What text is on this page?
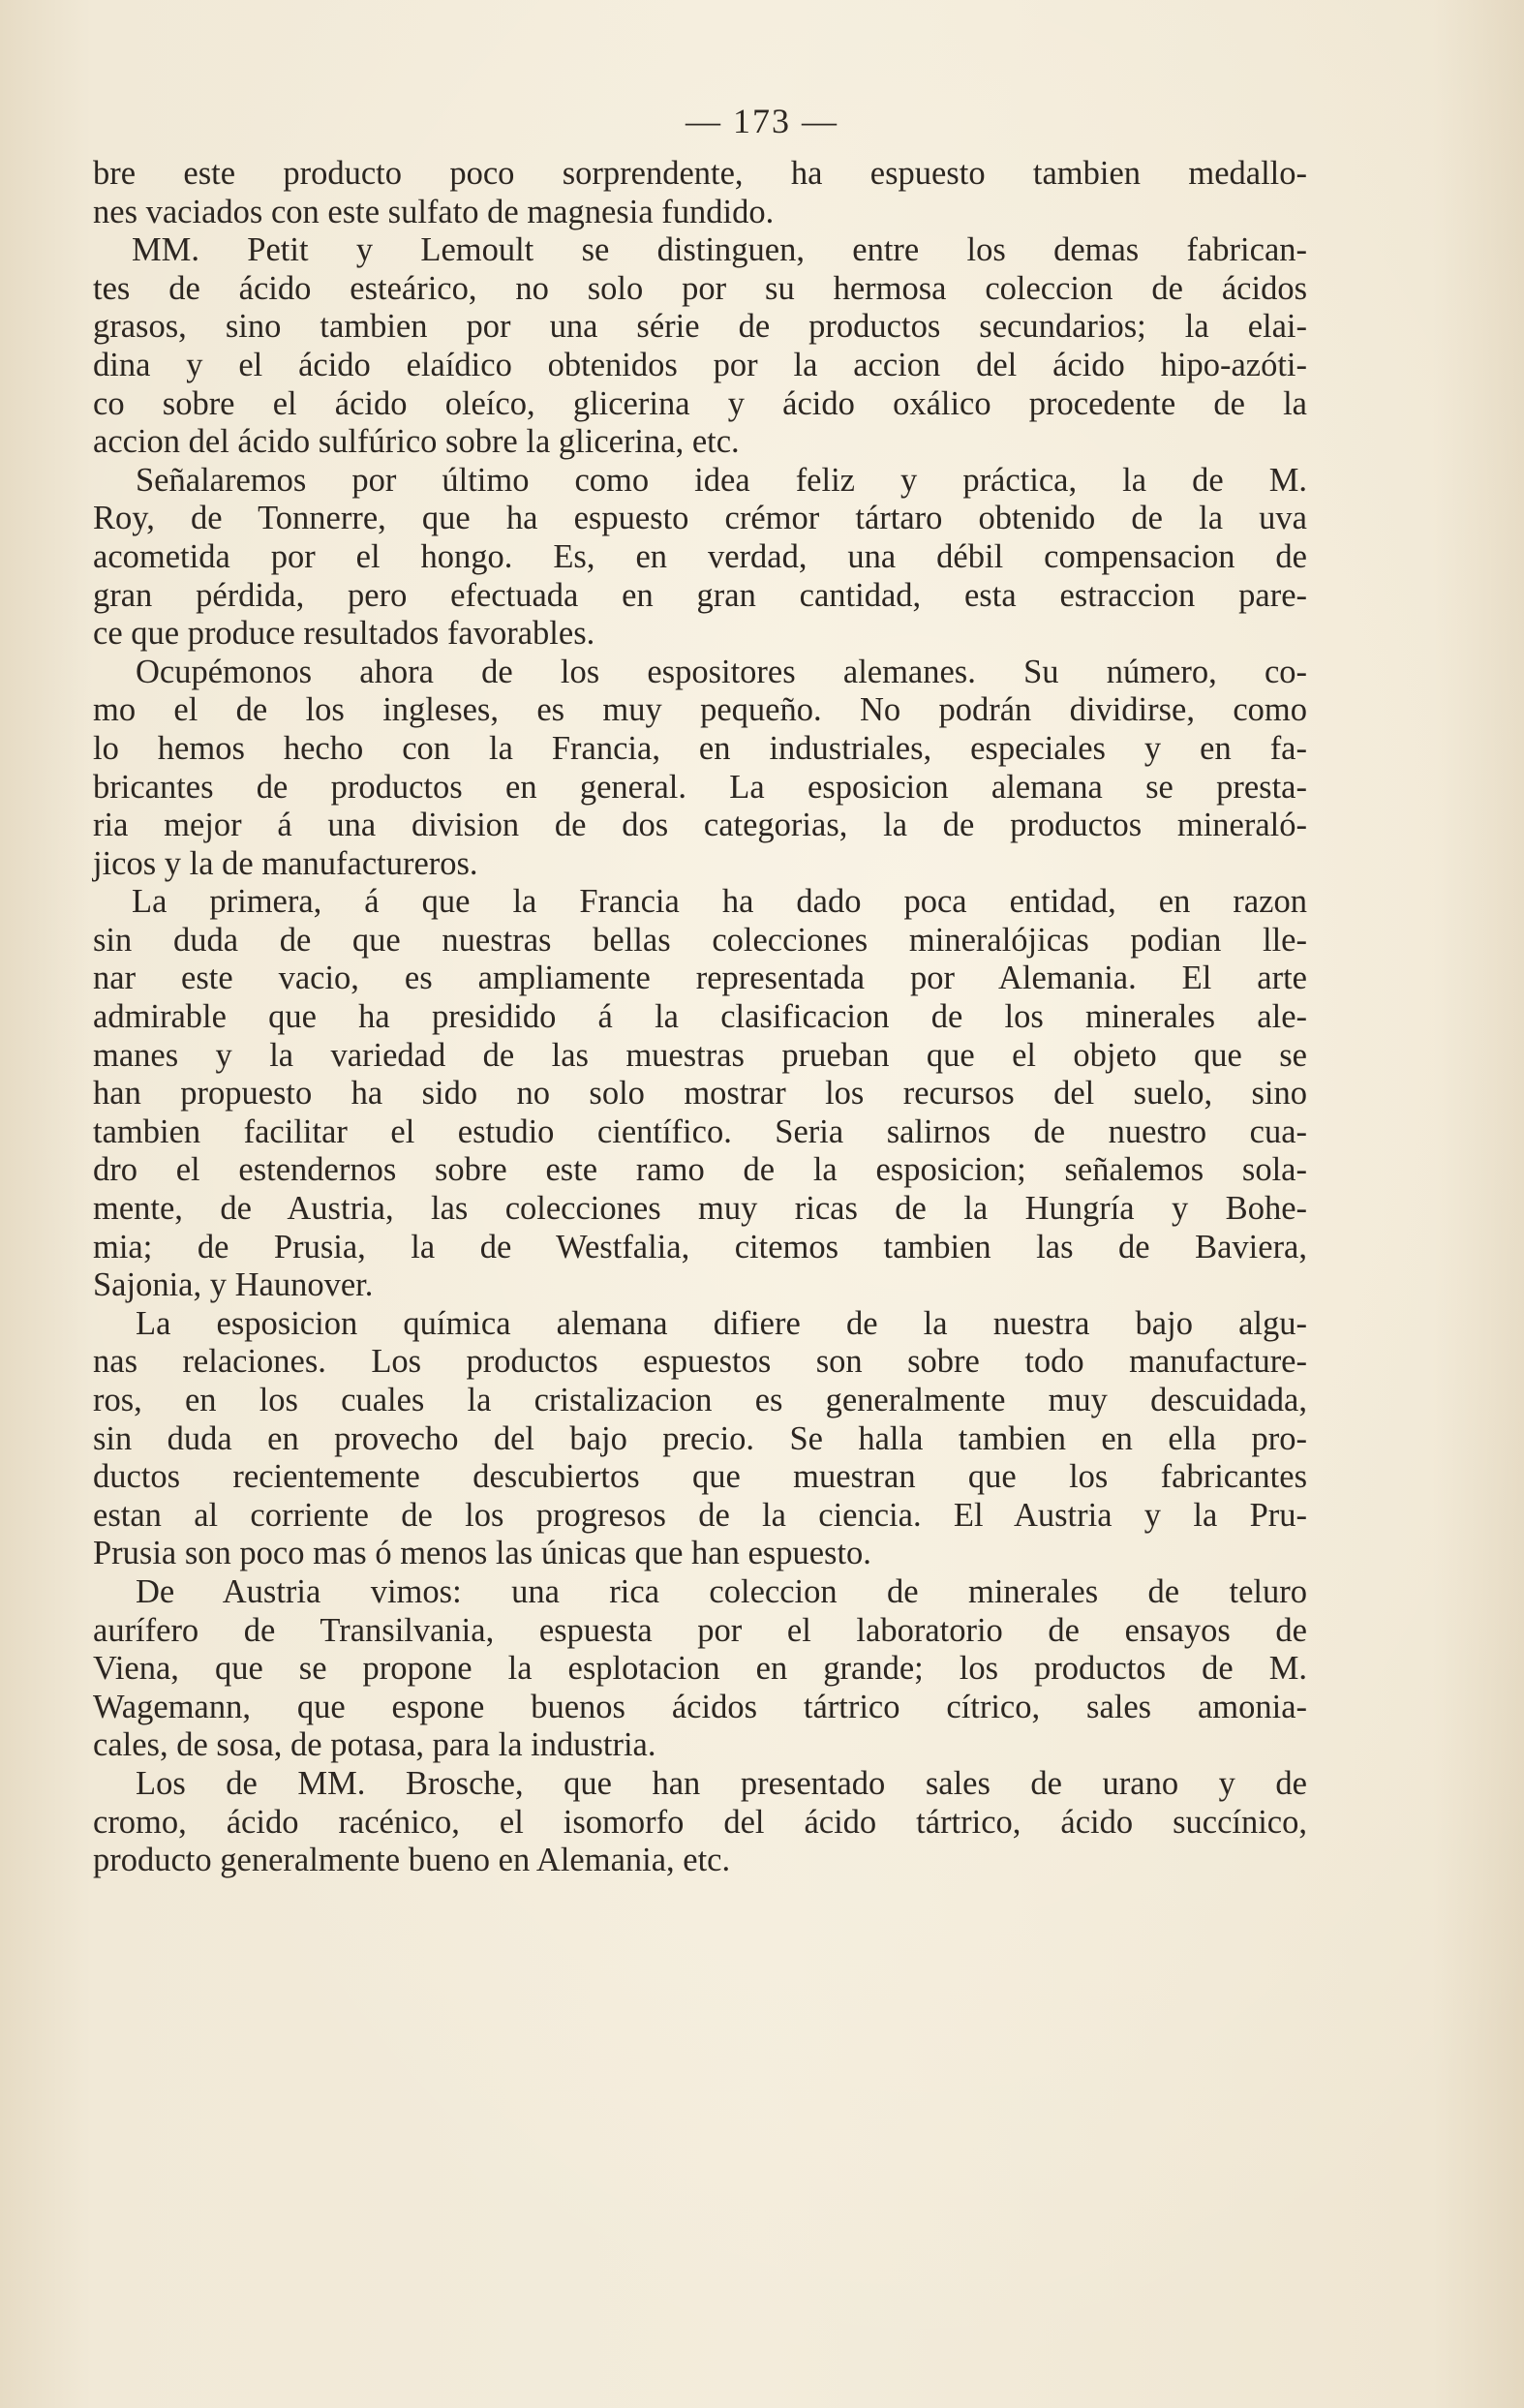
— 173 —
bre este producto poco sorprendente, ha espuesto tambien medallo-
nes vaciados con este sulfato de magnesia fundido.
MM. Petit y Lemoult se distinguen, entre los demas fabrican-
tes de ácido esteárico, no solo por su hermosa coleccion de ácidos
grasos, sino tambien por una série de productos secundarios; la elai-
dina y el ácido elaídico obtenidos por la accion del ácido hipo-azóti-
co sobre el ácido oleíco, glicerina y ácido oxálico procedente de la
accion del ácido sulfúrico sobre la glicerina, etc.
Señalaremos por último como idea feliz y práctica, la de M.
Roy, de Tonnerre, que ha espuesto crémor tártaro obtenido de la uva
acometida por el hongo. Es, en verdad, una débil compensacion de
gran pérdida, pero efectuada en gran cantidad, esta estraccion pare-
ce que produce resultados favorables.
Ocupémonos ahora de los espositores alemanes. Su número, co-
mo el de los ingleses, es muy pequeño. No podrán dividirse, como
lo hemos hecho con la Francia, en industriales, especiales y en fa-
bricantes de productos en general. La esposicion alemana se presta-
ria mejor á una division de dos categorias, la de productos mineraló-
jicos y la de manufactureros.
La primera, á que la Francia ha dado poca entidad, en razon
sin duda de que nuestras bellas colecciones mineralójicas podian lle-
nar este vacio, es ampliamente representada por Alemania. El arte
admirable que ha presidido á la clasificacion de los minerales ale-
manes y la variedad de las muestras prueban que el objeto que se
han propuesto ha sido no solo mostrar los recursos del suelo, sino
tambien facilitar el estudio científico. Seria salirnos de nuestro cua-
dro el estendernos sobre este ramo de la esposicion; señalemos sola-
mente, de Austria, las colecciones muy ricas de la Hungría y Bohe-
mia; de Prusia, la de Westfalia, citemos tambien las de Baviera,
Sajonia, y Haunover.
La esposicion química alemana difiere de la nuestra bajo algu-
nas relaciones. Los productos espuestos son sobre todo manufacture-
ros, en los cuales la cristalizacion es generalmente muy descuidada,
sin duda en provecho del bajo precio. Se halla tambien en ella pro-
ductos recientemente descubiertos que muestran que los fabricantes
estan al corriente de los progresos de la ciencia. El Austria y la Pru-
Prusia son poco mas ó menos las únicas que han espuesto.
De Austria vimos: una rica coleccion de minerales de teluro
aurífero de Transilvania, espuesta por el laboratorio de ensayos de
Viena, que se propone la esplotacion en grande; los productos de M.
Wagemann, que espone buenos ácidos tártrico cítrico, sales amonia-
cales, de sosa, de potasa, para la industria.
Los de MM. Brosche, que han presentado sales de urano y de
cromo, ácido racénico, el isomorfo del ácido tártrico, ácido succínico,
producto generalmente bueno en Alemania, etc.
